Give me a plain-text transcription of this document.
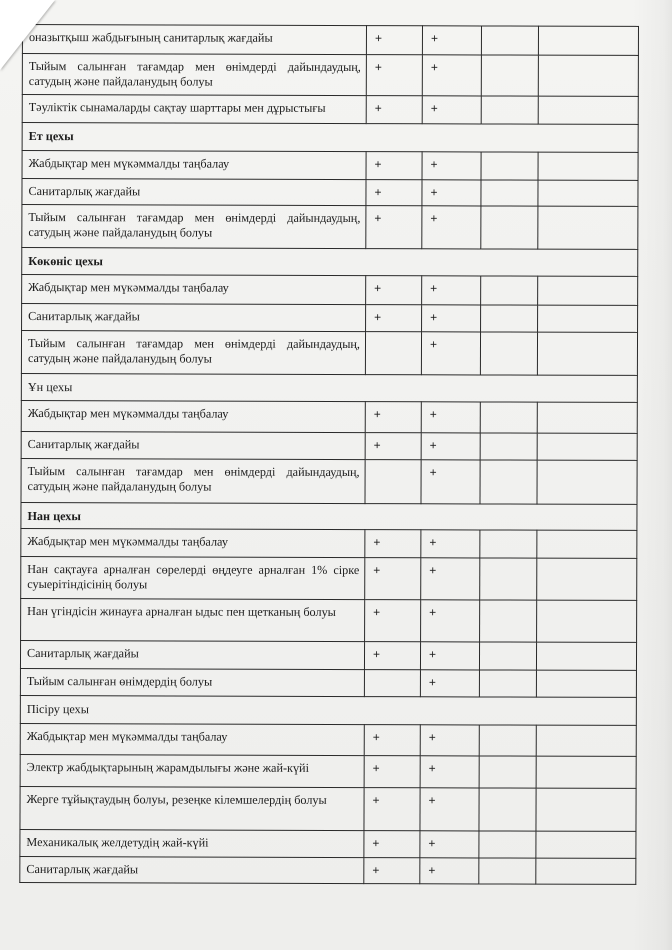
оназытқыш жабдығының санитарлық жағдайы	+	+		
Тыйым салынған тағамдар мен өнімдерді дайындаудың, сатудың және пайдаланудың болуы	+	+		
Тәуліктік сынамаларды сақтау шарттары мен дұрыстығы	+	+		
Ет цехы				
Жабдықтар мен мүкәммалды таңбалау	+	+		
Санитарлық жағдайы	+	+		
Тыйым салынған тағамдар мен өнімдерді дайындаудың, сатудың және пайдаланудың болуы	+	+		
Көкөніс цехы				
Жабдықтар мен мүкәммалды таңбалау	+	+		
Санитарлық жағдайы	+	+		
Тыйым салынған тағамдар мен өнімдерді дайындаудың, сатудың және пайдаланудың болуы		+		
Ұн цехы				
Жабдықтар мен мүкәммалды таңбалау	+	+		
Санитарлық жағдайы	+	+		
Тыйым салынған тағамдар мен өнімдерді дайындаудың, сатудың және пайдаланудың болуы		+		
Нан цехы				
Жабдықтар мен мүкәммалды таңбалау	+	+		
Нан сақтауға арналған сөрелерді өңдеуге арналған 1% сірке суыерітіндісінің болуы	+	+		
Нан үгіндісін жинауға арналған ыдыс пен щетканың болуы	+	+		
Санитарлық жағдайы	+	+		
Тыйым салынған өнімдердің болуы		+		
Пісіру цехы				
Жабдықтар мен мүкәммалды таңбалау	+	+		
Электр жабдықтарының жарамдылығы және жай-күйі	+	+		
Жерге тұйықтаудың болуы, резеңке кілемшелердің болуы	+	+		
Механикалық желдетудің жай-күйі	+	+		
Санитарлық жағдайы	+	+		
